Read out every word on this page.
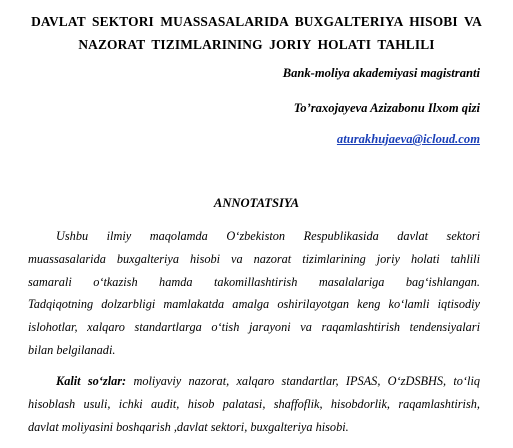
DAVLAT SEKTORI MUASSASALARIDA BUXGALTERIYA HISOBI VA
NAZORAT TIZIMLARINING JORIY HOLATI TAHLILI
Bank-moliya akademiyasi magistranti
To’raxojayeva Azizabonu Ilxom qizi
aturakhujaeva@icloud.com
ANNOTATSIYA
Ushbu ilmiy maqolamda O‘zbekiston Respublikasida davlat sektori
muassasalarida buxgalteriya hisobi va nazorat tizimlarining joriy holati tahlili
samarali o‘tkazish hamda takomillashtirish masalalariga bag‘ishlangan.
Tadqiqotning dolzarbligi mamlakatda amalga oshirilayotgan keng ko‘lamli iqtisodiy
islohotlar, xalqaro standartlarga o‘tish jarayoni va raqamlashtirish tendensiyalari
bilan belgilanadi.
Kalit so‘zlar: moliyaviy nazorat, xalqaro standartlar, IPSAS, O‘zDSBHS, to‘liq
hisoblash usuli, ichki audit, hisob palatasi, shaffoflik, hisobdorlik, raqamlashtirish,
davlat moliyasini boshqarish ,davlat sektori, buxgalteriya hisobi.
